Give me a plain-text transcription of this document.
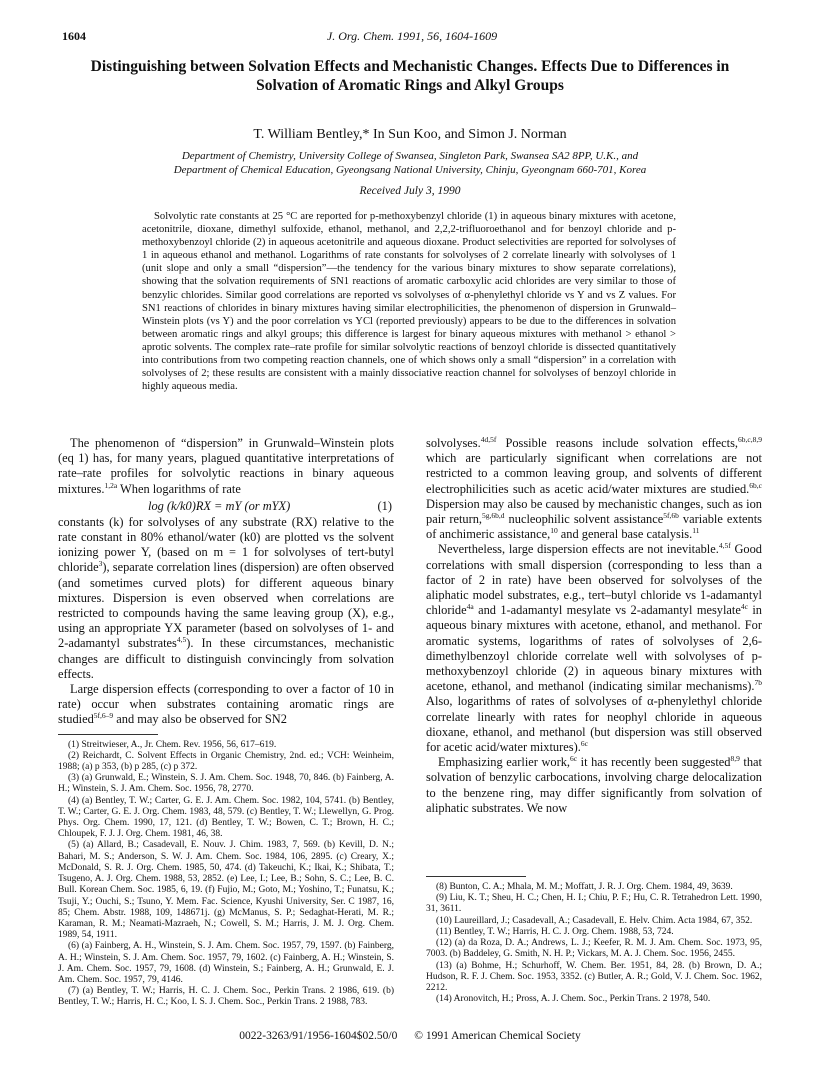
1604	J. Org. Chem. 1991, 56, 1604-1609
Distinguishing between Solvation Effects and Mechanistic Changes. Effects Due to Differences in Solvation of Aromatic Rings and Alkyl Groups
T. William Bentley,* In Sun Koo, and Simon J. Norman
Department of Chemistry, University College of Swansea, Singleton Park, Swansea SA2 8PP, U.K., and
Department of Chemical Education, Gyeongsang National University, Chinju, Gyeongnam 660-701, Korea
Received July 3, 1990
Solvolytic rate constants at 25 °C are reported for p-methoxybenzyl chloride (1) in aqueous binary mixtures with acetone, acetonitrile, dioxane, dimethyl sulfoxide, ethanol, methanol, and 2,2,2-trifluoroethanol and for benzoyl chloride and p-methoxybenzoyl chloride (2) in aqueous acetonitrile and aqueous dioxane. Product selectivities are reported for solvolyses of 1 in aqueous ethanol and methanol. Logarithms of rate constants for solvolyses of 2 correlate linearly with solvolyses of 1 (unit slope and only a small “dispersion”—the tendency for the various binary mixtures to show separate correlations), showing that the solvation requirements of SN1 reactions of aromatic carboxylic acid chlorides are very similar to those of benzylic chlorides. Similar good correlations are reported vs solvolyses of α-phenylethyl chloride vs Y and vs Z values. For SN1 reactions of chlorides in binary mixtures having similar electrophilicities, the phenomenon of dispersion in Grunwald–Winstein plots (vs Y) and the poor correlation vs YCl (reported previously) appears to be due to the differences in solvation between aromatic rings and alkyl groups; this difference is largest for binary aqueous mixtures with methanol > ethanol > aprotic solvents. The complex rate–rate profile for similar solvolytic reactions of benzoyl chloride is dissected quantitatively into contributions from two competing reaction channels, one of which shows only a small “dispersion” in a correlation with solvolyses of 2; these results are consistent with a mainly dissociative reaction channel for solvolyses of benzoyl chloride in highly aqueous media.

The phenomenon of “dispersion” in Grunwald–Winstein plots (eq 1) has, for many years, plagued quantitative interpretations of rate–rate profiles for solvolytic reactions in binary aqueous mixtures.$^{1,2a}$ When logarithms of rate

log (k/k0)RX = mY (or mYX)	(1)

constants (k) for solvolyses of any substrate (RX) relative to the rate constant in 80% ethanol/water (k0) are plotted vs the solvent ionizing power Y, (based on m = 1 for solvolyses of tert-butyl chloride$^3$), separate correlation lines (dispersion) are often observed (and sometimes curved plots) for different aqueous binary mixtures. Dispersion is even observed when correlations are restricted to compounds having the same leaving group (X), e.g., using an appropriate YX parameter (based on solvolyses of 1- and 2-adamantyl substrates$^{4,5}$). In these circumstances, mechanistic changes are difficult to distinguish convincingly from solvation effects.

Large dispersion effects (corresponding to over a factor of 10 in rate) occur when substrates containing aromatic rings are studied$^{5f,6-9}$ and may also be observed for SN2

(1) Streitwieser, A., Jr. Chem. Rev. 1956, 56, 617–619.

(2) Reichardt, C. Solvent Effects in Organic Chemistry, 2nd. ed.; VCH: Weinheim, 1988; (a) p 353, (b) p 285, (c) p 372.

(3) (a) Grunwald, E.; Winstein, S. J. Am. Chem. Soc. 1948, 70, 846. (b) Fainberg, A. H.; Winstein, S. J. Am. Chem. Soc. 1956, 78, 2770.

(4) (a) Bentley, T. W.; Carter, G. E. J. Am. Chem. Soc. 1982, 104, 5741. (b) Bentley, T. W.; Carter, G. E. J. Org. Chem. 1983, 48, 579. (c) Bentley, T. W.; Llewellyn, G. Prog. Phys. Org. Chem. 1990, 17, 121. (d) Bentley, T. W.; Bowen, C. T.; Brown, H. C.; Chloupek, F. J. J. Org. Chem. 1981, 46, 38.

(5) (a) Allard, B.; Casadevall, E. Nouv. J. Chim. 1983, 7, 569. (b) Kevill, D. N.; Bahari, M. S.; Anderson, S. W. J. Am. Chem. Soc. 1984, 106, 2895. (c) Creary, X.; McDonald, S. R. J. Org. Chem. 1985, 50, 474. (d) Takeuchi, K.; Ikai, K.; Shibata, T.; Tsugeno, A. J. Org. Chem. 1988, 53, 2852. (e) Lee, I.; Lee, B.; Sohn, S. C.; Lee, B. C. Bull. Korean Chem. Soc. 1985, 6, 19. (f) Fujio, M.; Goto, M.; Yoshino, T.; Funatsu, K.; Tsuji, Y.; Ouchi, S.; Tsuno, Y. Mem. Fac. Science, Kyushi University, Ser. C 1987, 16, 85; Chem. Abstr. 1988, 109, 148671j. (g) McManus, S. P.; Sedaghat-Herati, M. R.; Karaman, R. M.; Neamati-Mazraeh, N.; Cowell, S. M.; Harris, J. M. J. Org. Chem. 1989, 54, 1911.

(6) (a) Fainberg, A. H., Winstein, S. J. Am. Chem. Soc. 1957, 79, 1597. (b) Fainberg, A. H.; Winstein, S. J. Am. Chem. Soc. 1957, 79, 1602. (c) Fainberg, A. H.; Winstein, S. J. Am. Chem. Soc. 1957, 79, 1608. (d) Winstein, S.; Fainberg, A. H.; Grunwald, E. J. Am. Chem. Soc. 1957, 79, 4146.

(7) (a) Bentley, T. W.; Harris, H. C. J. Chem. Soc., Perkin Trans. 2 1986, 619. (b) Bentley, T. W.; Harris, H. C.; Koo, I. S. J. Chem. Soc., Perkin Trans. 2 1988, 783.

solvolyses.$^{4d,5f}$ Possible reasons include solvation effects,$^{6b,c,8,9}$ which are particularly significant when correlations are not restricted to a common leaving group, and solvents of different electrophilicities such as acetic acid/water mixtures are studied.$^{6b,c}$ Dispersion may also be caused by mechanistic changes, such as ion pair return,$^{5g,6b,d}$ nucleophilic solvent assistance$^{5f,6b}$ variable extents of anchimeric assistance,$^{10}$ and general base catalysis.$^{11}$

Nevertheless, large dispersion effects are not inevitable.$^{4,5f}$ Good correlations with small dispersion (corresponding to less than a factor of 2 in rate) have been observed for solvolyses of the aliphatic model substrates, e.g., tert–butyl chloride vs 1-adamantyl chloride$^{4a}$ and 1-adamantyl mesylate vs 2-adamantyl mesylate$^{4c}$ in aqueous binary mixtures with acetone, ethanol, and methanol. For aromatic systems, logarithms of rates of solvolyses of 2,6-dimethylbenzoyl chloride correlate well with solvolyses of p-methoxybenzoyl chloride (2) in aqueous binary mixtures with acetone, ethanol, and methanol (indicating similar mechanisms).$^{7b}$ Also, logarithms of rates of solvolyses of α-phenylethyl chloride correlate linearly with rates for neophyl chloride in aqueous dioxane, ethanol, and methanol (but dispersion was still observed for acetic acid/water mixtures).$^{6c}$

Emphasizing earlier work,$^{6c}$ it has recently been suggested$^{8,9}$ that solvation of benzylic carbocations, involving charge delocalization to the benzene ring, may differ significantly from solvation of aliphatic substrates. We now

(8) Bunton, C. A.; Mhala, M. M.; Moffatt, J. R. J. Org. Chem. 1984, 49, 3639.

(9) Liu, K. T.; Sheu, H. C.; Chen, H. I.; Chiu, P. F.; Hu, C. R. Tetrahedron Lett. 1990, 31, 3611.

(10) Laureillard, J.; Casadevall, A.; Casadevall, E. Helv. Chim. Acta 1984, 67, 352.

(11) Bentley, T. W.; Harris, H. C. J. Org. Chem. 1988, 53, 724.

(12) (a) da Roza, D. A.; Andrews, L. J.; Keefer, R. M. J. Am. Chem. Soc. 1973, 95, 7003. (b) Baddeley, G. Smith, N. H. P.; Vickars, M. A. J. Chem. Soc. 1956, 2455.

(13) (a) Bohme, H.; Schurhoff, W. Chem. Ber. 1951, 84, 28. (b) Brown, D. A.; Hudson, R. F. J. Chem. Soc. 1953, 3352. (c) Butler, A. R.; Gold, V. J. Chem. Soc. 1962, 2212.

(14) Aronovitch, H.; Pross, A. J. Chem. Soc., Perkin Trans. 2 1978, 540.

0022-3263/91/1956-1604$02.50/0 © 1991 American Chemical Society
